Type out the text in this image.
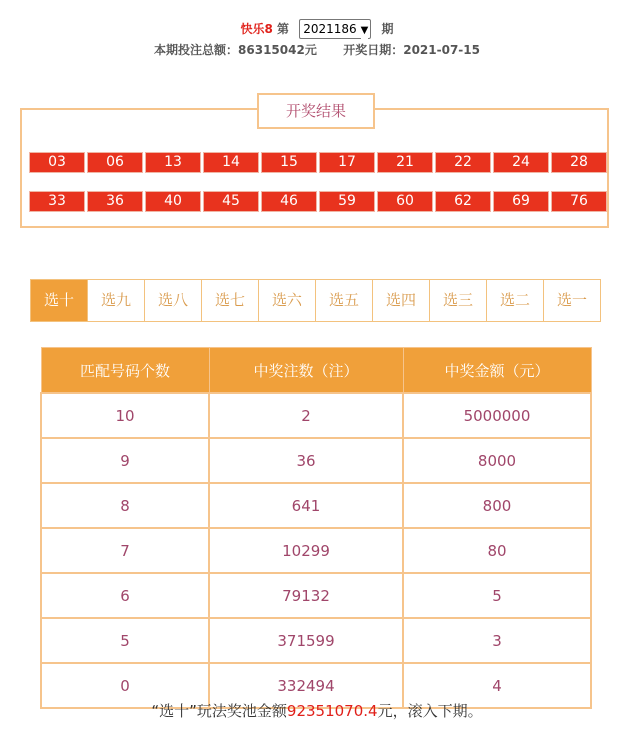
快乐8 第 2021186 ▼ 期
本期投注总额：86315042元 开奖日期：2021-07-15
开奖结果
03	06	13	14	15	17	21	22	24	28
33	36	40	45	46	59	60	62	69	76
选十	选九	选八	选七	选六	选五	选四	选三	选二	选一
匹配号码个数	中奖注数（注）	中奖金额（元）
10	2	5000000
9	36	8000
8	641	800
7	10299	80
6	79132	5
5	371599	3
0	332494	4
“选十”玩法奖池金额92351070.4元，滚入下期。
